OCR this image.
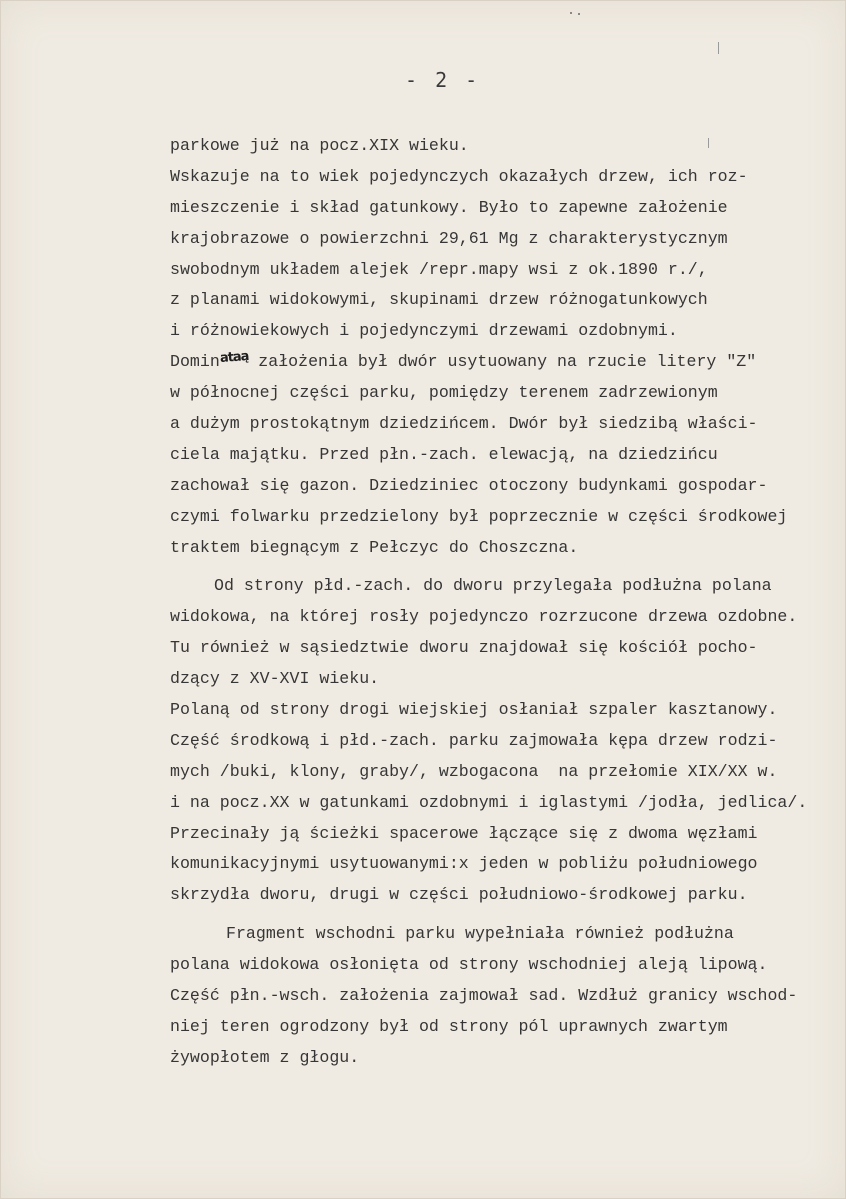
- 2 -
parkowe już na pocz.XIX wieku.
Wskazuje na to wiek pojedynczych okazałych drzew, ich roz-
mieszczenie i skład gatunkowy. Było to zapewne założenie
krajobrazowe o powierzchni 29,61 Mg z charakterystycznym
swobodnym układem alejek /repr.mapy wsi z ok.1890 r./,
z planami widokowymi, skupinami drzew różnogatunkowych
i różnowiekowych i pojedynczymi drzewami ozdobnymi.
Dominataą założenia był dwór usytuowany na rzucie litery "Z"
w północnej części parku, pomiędzy terenem zadrzewionym
a dużym prostokątnym dziedzińcem. Dwór był siedzibą właści-
ciela majątku. Przed płn.-zach. elewacją, na dziedzińcu
zachował się gazon. Dziedziniec otoczony budynkami gospodar-
czymi folwarku przedzielony był poprzecznie w części środkowej
traktem biegnącym z Pełczyc do Choszczna.
Od strony płd.-zach. do dworu przylegała podłużna polana
widokowa, na której rosły pojedynczo rozrzucone drzewa ozdobne.
Tu również w sąsiedztwie dworu znajdował się kościół pocho-
dzący z XV-XVI wieku.
Polaną od strony drogi wiejskiej osłaniał szpaler kasztanowy.
Część środkową i płd.-zach. parku zajmowała kępa drzew rodzi-
mych /buki, klony, graby/, wzbogacona  na przełomie XIX/XX w.
i na pocz.XX w gatunkami ozdobnymi i iglastymi /jodła, jedlica/.
Przecinały ją ścieżki spacerowe łączące się z dwoma węzłami
komunikacyjnymi usytuowanymi:x jeden w pobliżu południowego
skrzydła dworu, drugi w części południowo-środkowej parku.
Fragment wschodni parku wypełniała również podłużna
polana widokowa osłonięta od strony wschodniej aleją lipową.
Część płn.-wsch. założenia zajmował sad. Wzdłuż granicy wschod-
niej teren ogrodzony był od strony pól uprawnych zwartym
żywopłotem z głogu.
